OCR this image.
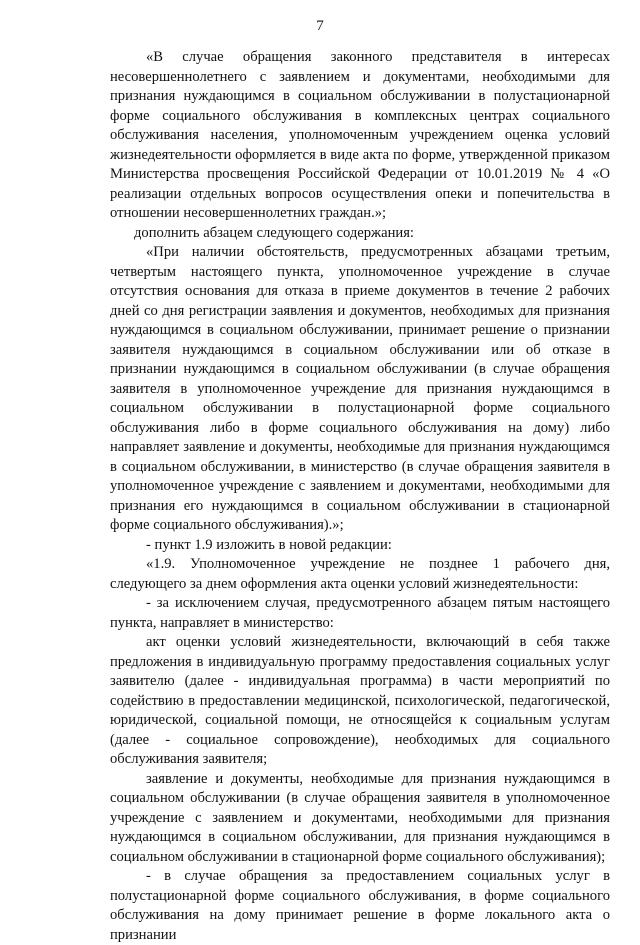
7

«В случае обращения законного представителя в интересах несовершеннолетнего с заявлением и документами, необходимыми для признания нуждающимся в социальном обслуживании в полустационарной форме социального обслуживания в комплексных центрах социального обслуживания населения, уполномоченным учреждением оценка условий жизнедеятельности оформляется в виде акта по форме, утвержденной приказом Министерства просвещения Российской Федерации от 10.01.2019 № 4 «О реализации отдельных вопросов осуществления опеки и попечительства в отношении несовершеннолетних граждан.»;

дополнить абзацем следующего содержания:

«При наличии обстоятельств, предусмотренных абзацами третьим, четвертым настоящего пункта, уполномоченное учреждение в случае отсутствия основания для отказа в приеме документов в течение 2 рабочих дней со дня регистрации заявления и документов, необходимых для признания нуждающимся в социальном обслуживании, принимает решение о признании заявителя нуждающимся в социальном обслуживании или об отказе в признании нуждающимся в социальном обслуживании (в случае обращения заявителя в уполномоченное учреждение для признания нуждающимся в социальном обслуживании в полустационарной форме социального обслуживания либо в форме социального обслуживания на дому) либо направляет заявление и документы, необходимые для признания нуждающимся в социальном обслуживании, в министерство (в случае обращения заявителя в уполномоченное учреждение с заявлением и документами, необходимыми для признания его нуждающимся в социальном обслуживании в стационарной форме социального обслуживания).»;

- пункт 1.9 изложить в новой редакции:

«1.9. Уполномоченное учреждение не позднее 1 рабочего дня, следующего за днем оформления акта оценки условий жизнедеятельности:

- за исключением случая, предусмотренного абзацем пятым настоящего пункта, направляет в министерство:

акт оценки условий жизнедеятельности, включающий в себя также предложения в индивидуальную программу предоставления социальных услуг заявителю (далее - индивидуальная программа) в части мероприятий по содействию в предоставлении медицинской, психологической, педагогической, юридической, социальной помощи, не относящейся к социальным услугам (далее - социальное сопровождение), необходимых для социального обслуживания заявителя;

заявление и документы, необходимые для признания нуждающимся в социальном обслуживании (в случае обращения заявителя в уполномоченное учреждение с заявлением и документами, необходимыми для признания нуждающимся в социальном обслуживании, для признания нуждающимся в социальном обслуживании в стационарной форме социального обслуживания);

- в случае обращения за предоставлением социальных услуг в полустационарной форме социального обслуживания, в форме социального обслуживания на дому принимает решение в форме локального акта о признании
